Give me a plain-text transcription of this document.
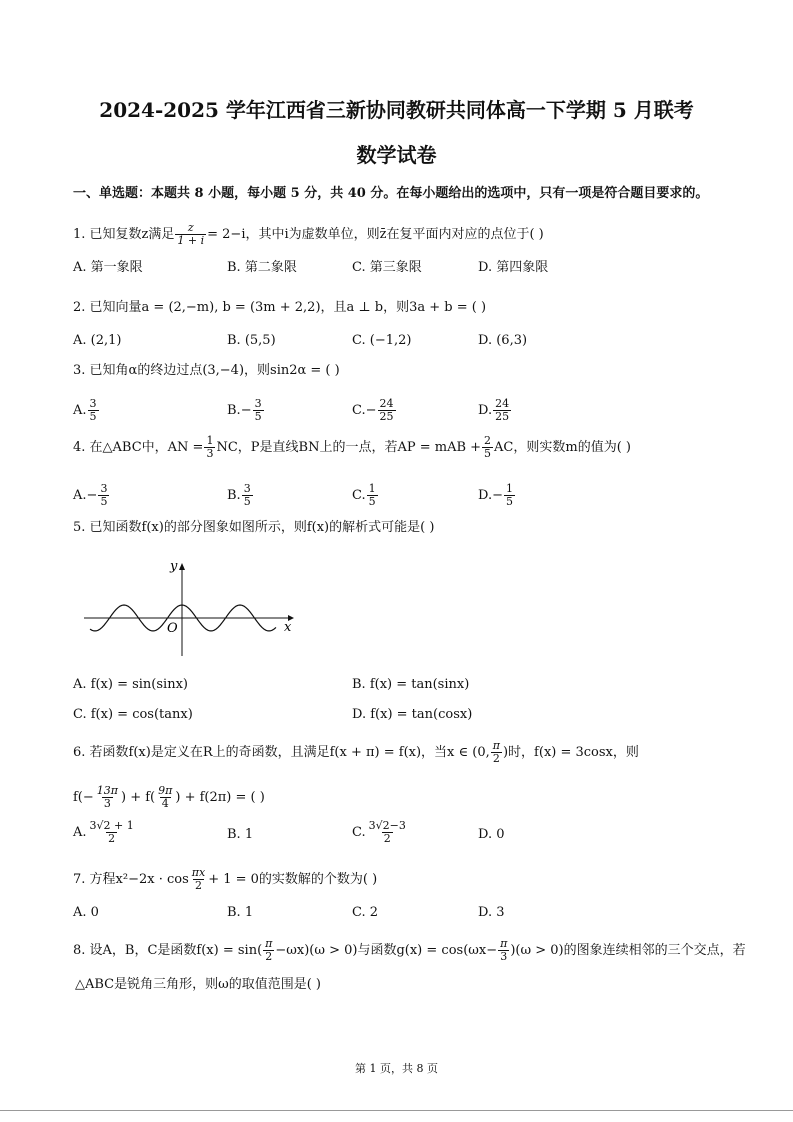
2024-2025 学年江西省三新协同教研共同体高一下学期 5 月联考
数学试卷
一、单选题：本题共 8 小题，每小题 5 分，共 40 分。在每小题给出的选项中，只有一项是符合题目要求的。
1. 已知复数z满足 $\frac{z}{1 + i} = 2-i$，其中i为虚数单位，则z̄在复平面内对应的点位于( )
A. 第一象限	B. 第二象限	C. 第三象限	D. 第四象限
2. 已知向量a = (2,−m), b = (3m + 2,2)，且a ⊥ b，则3a + b = ( )
A. (2,1)	B. (5,5)	C. (−1,2)	D. (6,3)
3. 已知角α的终边过点(3,−4)，则sin2α = ( )
A. $\frac{3}{5}$	$B.- \frac{3}{5}$	$C.- \frac{24}{25}$	D. $\frac{24}{25}$
4. 在△ABC中，AN = $\frac{1}{3}$ NC，P是直线BN上的一点，若AP = mAB + $\frac{2}{5}$ AC，则实数m的值为( )
$A.- \frac{3}{5}$	B. $\frac{3}{5}$	C. $\frac{1}{5}$	$D.- \frac{1}{5}$
5. 已知函数f(x)的部分图象如图所示，则f(x)的解析式可能是( )
y
x
O
A. f(x) = sin(sinx)	B. f(x) = tan(sinx)
C. f(x) = cos(tanx)	D. f(x) = tan(cosx)
6. 若函数f(x)是定义在R上的奇函数，且满足f(x + π) = f(x)，当x ∈ (0, $\frac{\pi}{2}$ )时，f(x) = 3cosx，则
$f(- \frac{13\pi}{3}$ ) + $f( \frac{9\pi}{4}$ ) + f(2π) = ( )
A. $\frac{3√2 + 1}{2}$	B. 1	C. $\frac{3√2-3}{2}$	D. 0
7. 方程$x^2-2x \cdot \cos \frac{\pi x}{2} + 1 = 0$的实数解的个数为( )
A. 0	B. 1	C. 2	D. 3
8. 设A，B，C是函数$f(x) = \sin( \frac{\pi}{2} -\omega x)(\omega > 0)$与函数$g(x) = \cos(\omega x- \frac{\pi}{3} )(\omega > 0)$的图象连续相邻的三个交点，若
△ABC是锐角三角形，则ω的取值范围是( )
第 1 页，共 8 页
